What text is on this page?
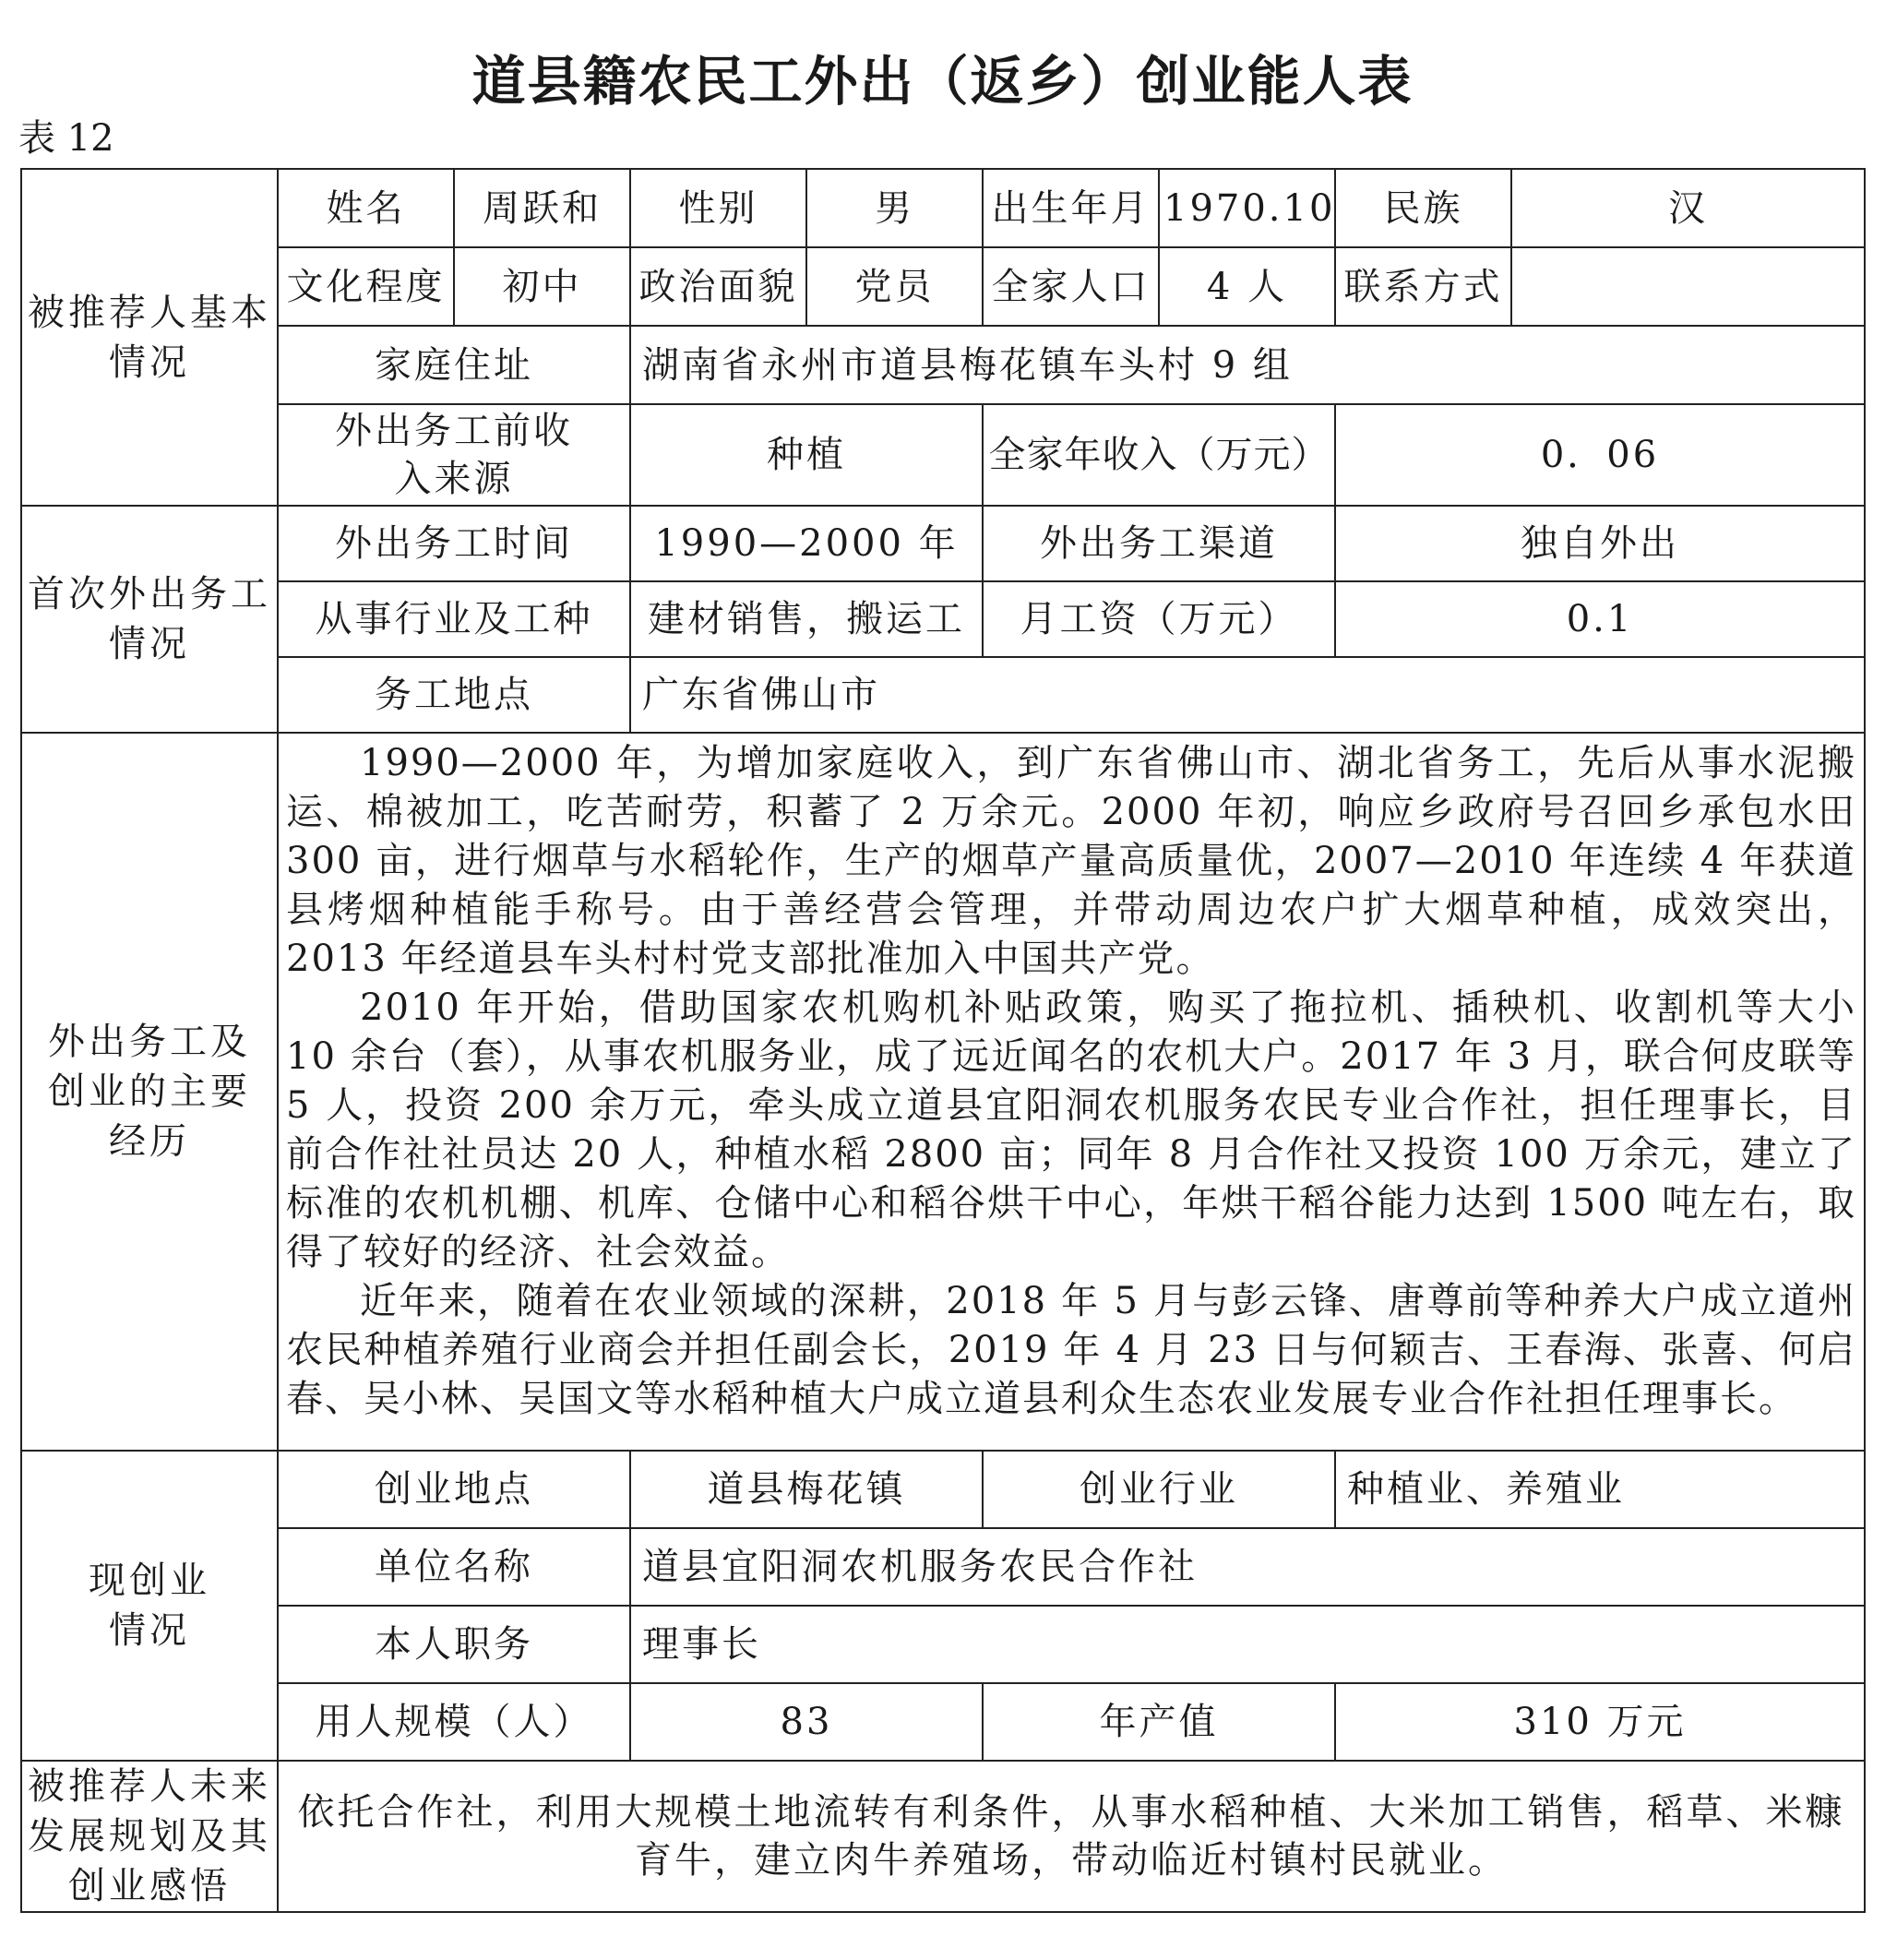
道县籍农民工外出（返乡）创业能人表
表 12
被推荐人基本情况	姓名	周跃和	性别	男	出生年月	1970.10	民族	汉
	文化程度	初中	政治面貌	党员	全家人口	4 人	联系方式	
	家庭住址		湖南省永州市道县梅花镇车头村 9 组					
	外出务工前收入来源		种植		全家年收入（万元）		0．06	
首次外出务工情况	外出务工时间		1990—2000 年		外出务工渠道		独自外出	
	从事行业及工种		建材销售，搬运工		月工资（万元）		0.1	
	务工地点		广东省佛山市					
外出务工及创业的主要经历	1990—2000 年，为增加家庭收入，到广东省佛山市、湖北省务工，先后从事水泥搬运、棉被加工，吃苦耐劳，积蓄了 2 万余元。2000 年初，响应乡政府号召回乡承包水田 300 亩，进行烟草与水稻轮作，生产的烟草产量高质量优，2007—2010 年连续 4 年获道县烤烟种植能手称号。由于善经营会管理，并带动周边农户扩大烟草种植，成效突出，2013 年经道县车头村村党支部批准加入中国共产党。

2010 年开始，借助国家农机购机补贴政策，购买了拖拉机、插秧机、收割机等大小 10 余台（套），从事农机服务业，成了远近闻名的农机大户。2017 年 3 月，联合何皮联等 5 人，投资 200 余万元，牵头成立道县宜阳洞农机服务农民专业合作社，担任理事长，目前合作社社员达 20 人，种植水稻 2800 亩；同年 8 月合作社又投资 100 万余元，建立了标准的农机机棚、机库、仓储中心和稻谷烘干中心，年烘干稻谷能力达到 1500 吨左右，取得了较好的经济、社会效益。

近年来，随着在农业领域的深耕，2018 年 5 月与彭云锋、唐尊前等种养大户成立道州农民种植养殖行业商会并担任副会长，2019 年 4 月 23 日与何颖吉、王春海、张喜、何启春、吴小林、吴国文等水稻种植大户成立道县利众生态农业发展专业合作社担任理事长。							

现创业情况	创业地点		道县梅花镇		创业行业		种植业、养殖业	
	单位名称		道县宜阳洞农机服务农民合作社					
	本人职务		理事长					
	用人规模（人）		83		年产值		310 万元	
被推荐人未来发展规划及其创业感悟	依托合作社，利用大规模土地流转有利条件，从事水稻种植、大米加工销售，稻草、米糠育牛，建立肉牛养殖场，带动临近村镇村民就业。							
